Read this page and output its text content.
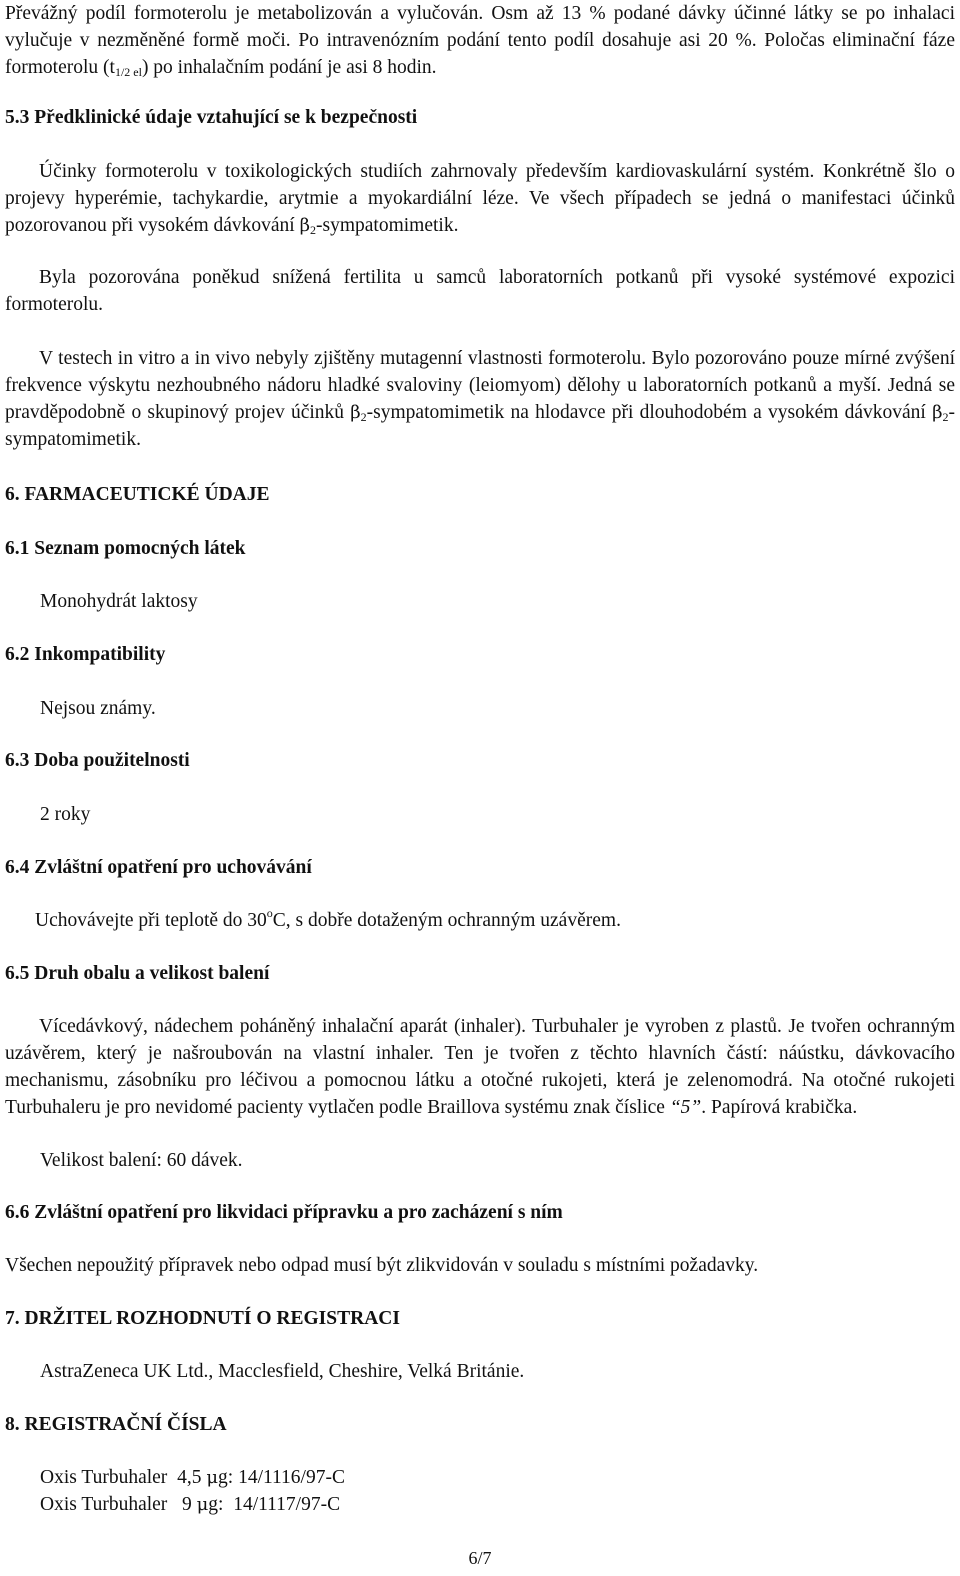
Převážný podíl formoterolu je metabolizován a vylučován. Osm až 13 % podané dávky účinné látky se po inhalaci vylučuje v nezměněné formě moči. Po intravenózním podání tento podíl dosahuje asi 20 %. Poločas eliminační fáze formoterolu $(t_{1/2 el})$ po inhalačním podání je asi 8 hodin.

5.3 Předklinické údaje vztahující se k bezpečnosti

Účinky formoterolu v toxikologických studiích zahrnovaly především kardiovaskulární systém. Konkrétně šlo o projevy hyperémie, tachykardie, arytmie a myokardiální léze. Ve všech případech se jedná o manifestaci účinků pozorovanou při vysokém dávkování $\beta_2$-sympatomimetik.

Byla pozorována poněkud snížená fertilita u samců laboratorních potkanů při vysoké systémové expozici formoterolu.

V testech in vitro a in vivo nebyly zjištěny mutagenní vlastnosti formoterolu. Bylo pozorováno pouze mírné zvýšení frekvence výskytu nezhoubného nádoru hladké svaloviny (leiomyom) dělohy u laboratorních potkanů a myší. Jedná se pravděpodobně o skupinový projev účinků $\beta_2$-sympatomimetik na hlodavce při dlouhodobém a vysokém dávkování $\beta_2$-sympatomimetik.

6. FARMACEUTICKÉ ÚDAJE
6.1 Seznam pomocných látek
Monohydrát laktosy
6.2 Inkompatibility
Nejsou známy.
6.3 Doba použitelnosti
2 roky
6.4 Zvláštní opatření pro uchovávání
Uchovávejte při teplotě do 30$^o$C, s dobře dotaženým ochranným uzávěrem.
6.5 Druh obalu a velikost balení

Vícedávkový, nádechem poháněný inhalační aparát (inhaler). Turbuhaler je vyroben z plastů. Je tvořen ochranným uzávěrem, který je našroubován na vlastní inhaler. Ten je tvořen z těchto hlavních částí: náústku, dávkovacího mechanismu, zásobníku pro léčivou a pomocnou látku a otočné rukojeti, která je zelenomodrá. Na otočné rukojeti Turbuhaleru je pro nevidomé pacienty vytlačen podle Braillova systému znak číslice “5”. Papírová krabička.

Velikost balení: 60 dávek.
6.6 Zvláštní opatření pro likvidaci přípravku a pro zacházení s ním
Všechen nepoužitý přípravek nebo odpad musí být zlikvidován v souladu s místními požadavky.
7. DRŽITEL ROZHODNUTÍ O REGISTRACI
AstraZeneca UK Ltd., Macclesfield, Cheshire, Velká Británie.
8. REGISTRAČNÍ ČÍSLA
Oxis Turbuhaler  4,5 μg: 14/1116/97-C
Oxis Turbuhaler   9 μg:  14/1117/97-C
6/7
